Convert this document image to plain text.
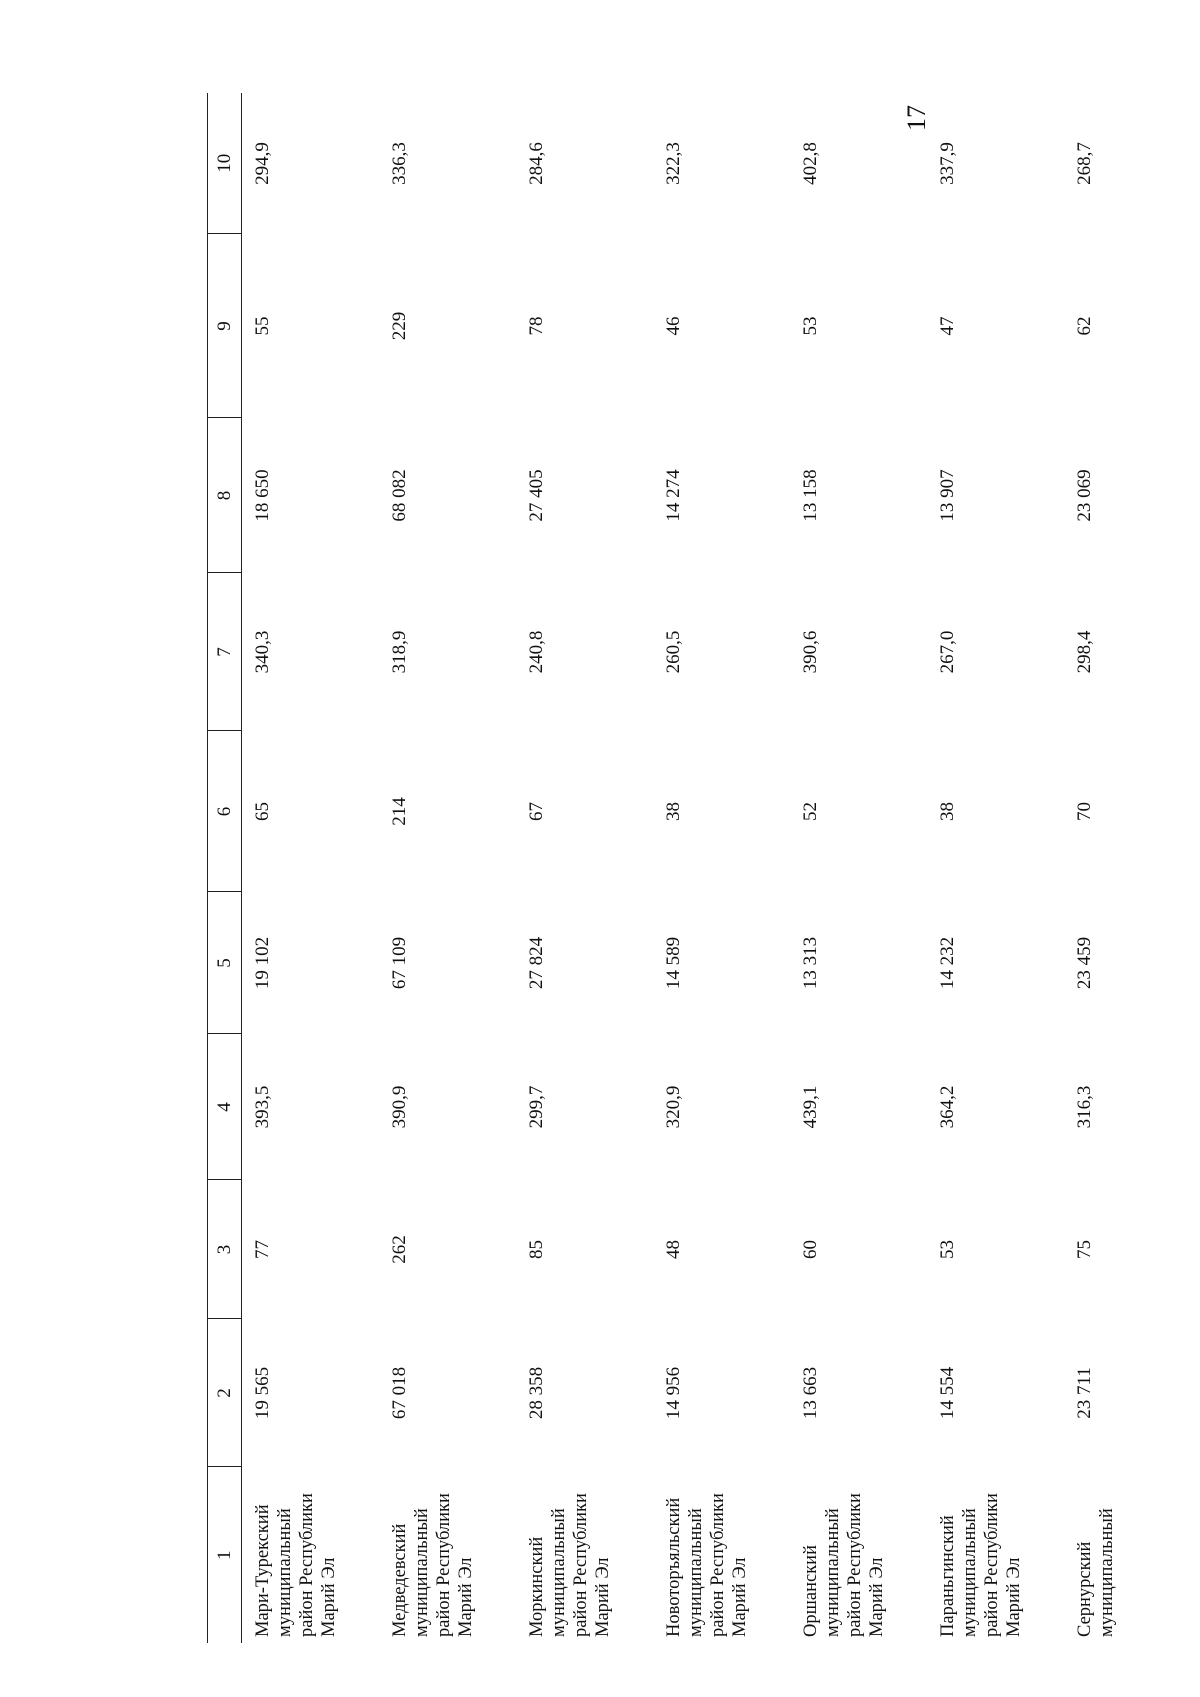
17
1	2	3	4	5	6	7	8	9	10
Мари-Турекский муниципальный район Республики Марий Эл	19 565	77	393,5	19 102	65	340,3	18 650	55	294,9
Медведевский муниципальный район Республики Марий Эл	67 018	262	390,9	67 109	214	318,9	68 082	229	336,3
Моркинский муниципальный район Республики Марий Эл	28 358	85	299,7	27 824	67	240,8	27 405	78	284,6
Новоторъяльский муниципальный район Республики Марий Эл	14 956	48	320,9	14 589	38	260,5	14 274	46	322,3
Оршанский муниципальный район Республики Марий Эл	13 663	60	439,1	13 313	52	390,6	13 158	53	402,8
Параньгинский муниципальный район Республики Марий Эл	14 554	53	364,2	14 232	38	267,0	13 907	47	337,9
Сернурский муниципальный	23 711	75	316,3	23 459	70	298,4	23 069	62	268,7
